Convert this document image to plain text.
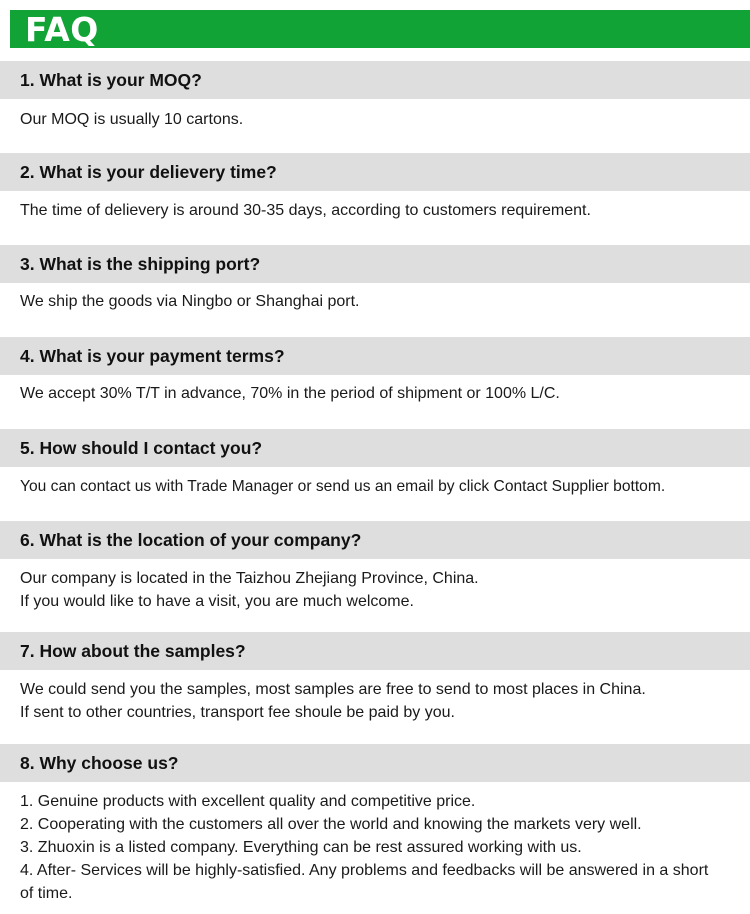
FAQ
1. What is your MOQ?

Our MOQ is usually 10 cartons.

2. What is your delievery time?

The time of delievery is around 30-35 days, according to customers requirement.

3. What is the shipping port?

We ship the goods via Ningbo or Shanghai port.

4. What is your payment terms?

We accept 30% T/T in advance, 70% in the period of shipment or 100% L/C.

5. How should I contact you?

You can contact us with Trade Manager or send us an email by click Contact Supplier bottom.

6. What is the location of your company?

Our company is located in the Taizhou Zhejiang Province, China.

If you would like to have a visit, you are much welcome.

7. How about the samples?

We could send you the samples, most samples are free to send to most places in China.

If sent to other countries, transport fee shoule be paid by you.

8. Why choose us?

1. Genuine products with excellent quality and competitive price.

2. Cooperating with the customers all over the world and knowing the markets very well.

3. Zhuoxin is a listed company. Everything can be rest assured working with us.

4. After- Services will be highly-satisfied. Any problems and feedbacks will be answered in a short of time.
